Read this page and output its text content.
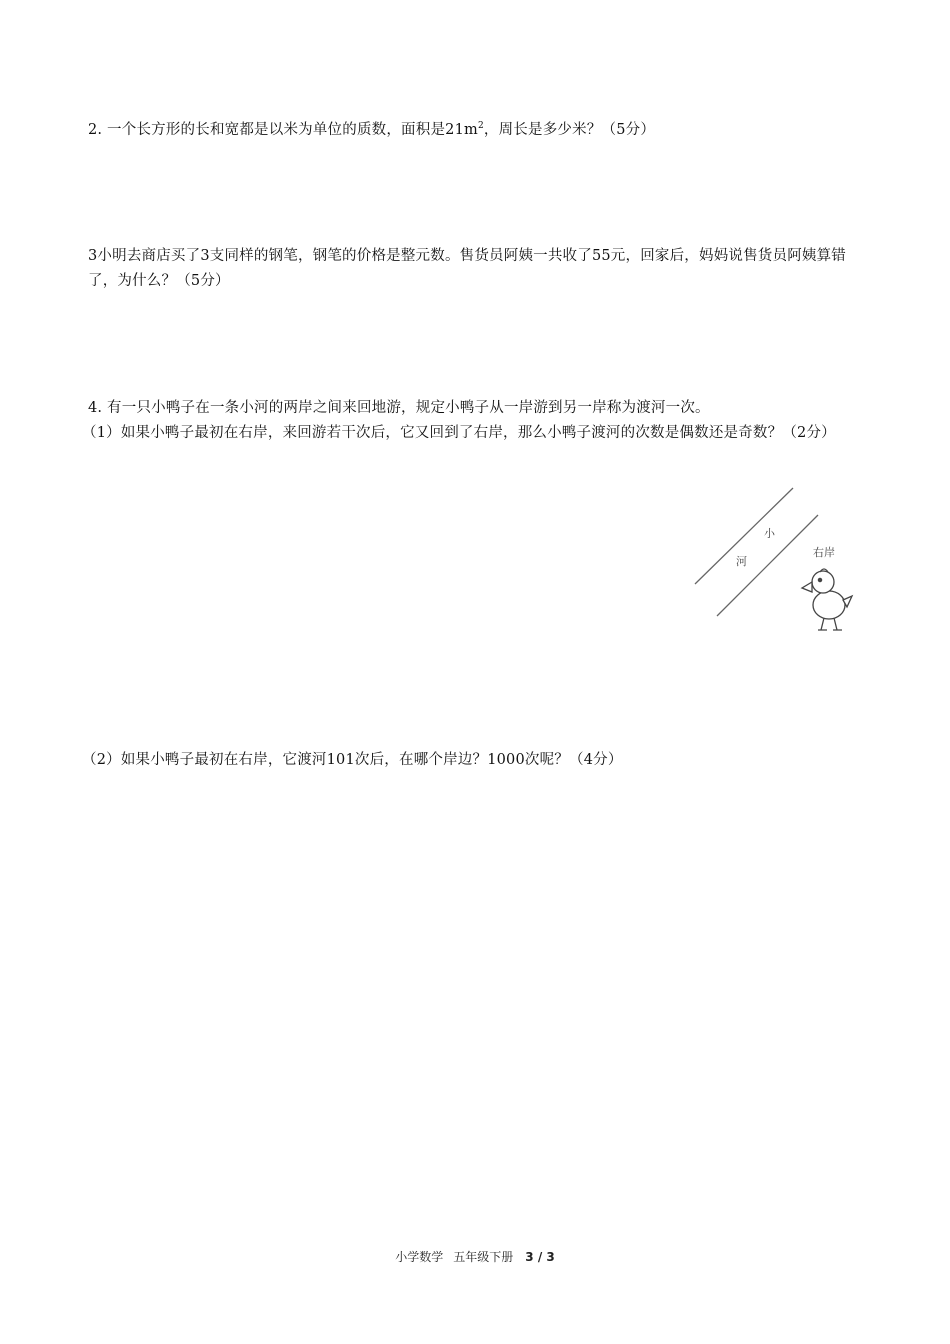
2. 一个长方形的长和宽都是以米为单位的质数，面积是$21m^2$，周长是多少米？（5分）
3小明去商店买了3支同样的钢笔，钢笔的价格是整元数。售货员阿姨一共收了55元，回家后，妈妈说售货员阿姨算错了，为什么？（5分）
4. 有一只小鸭子在一条小河的两岸之间来回地游，规定小鸭子从一岸游到另一岸称为渡河一次。
（1）如果小鸭子最初在右岸，来回游若干次后，它又回到了右岸，那么小鸭子渡河的次数是偶数还是奇数？（2分）
小
河
右岸
（2）如果小鸭子最初在右岸，它渡河101次后，在哪个岸边？1000次呢？（4分）
小学数学 五年级下册 3 / 3
